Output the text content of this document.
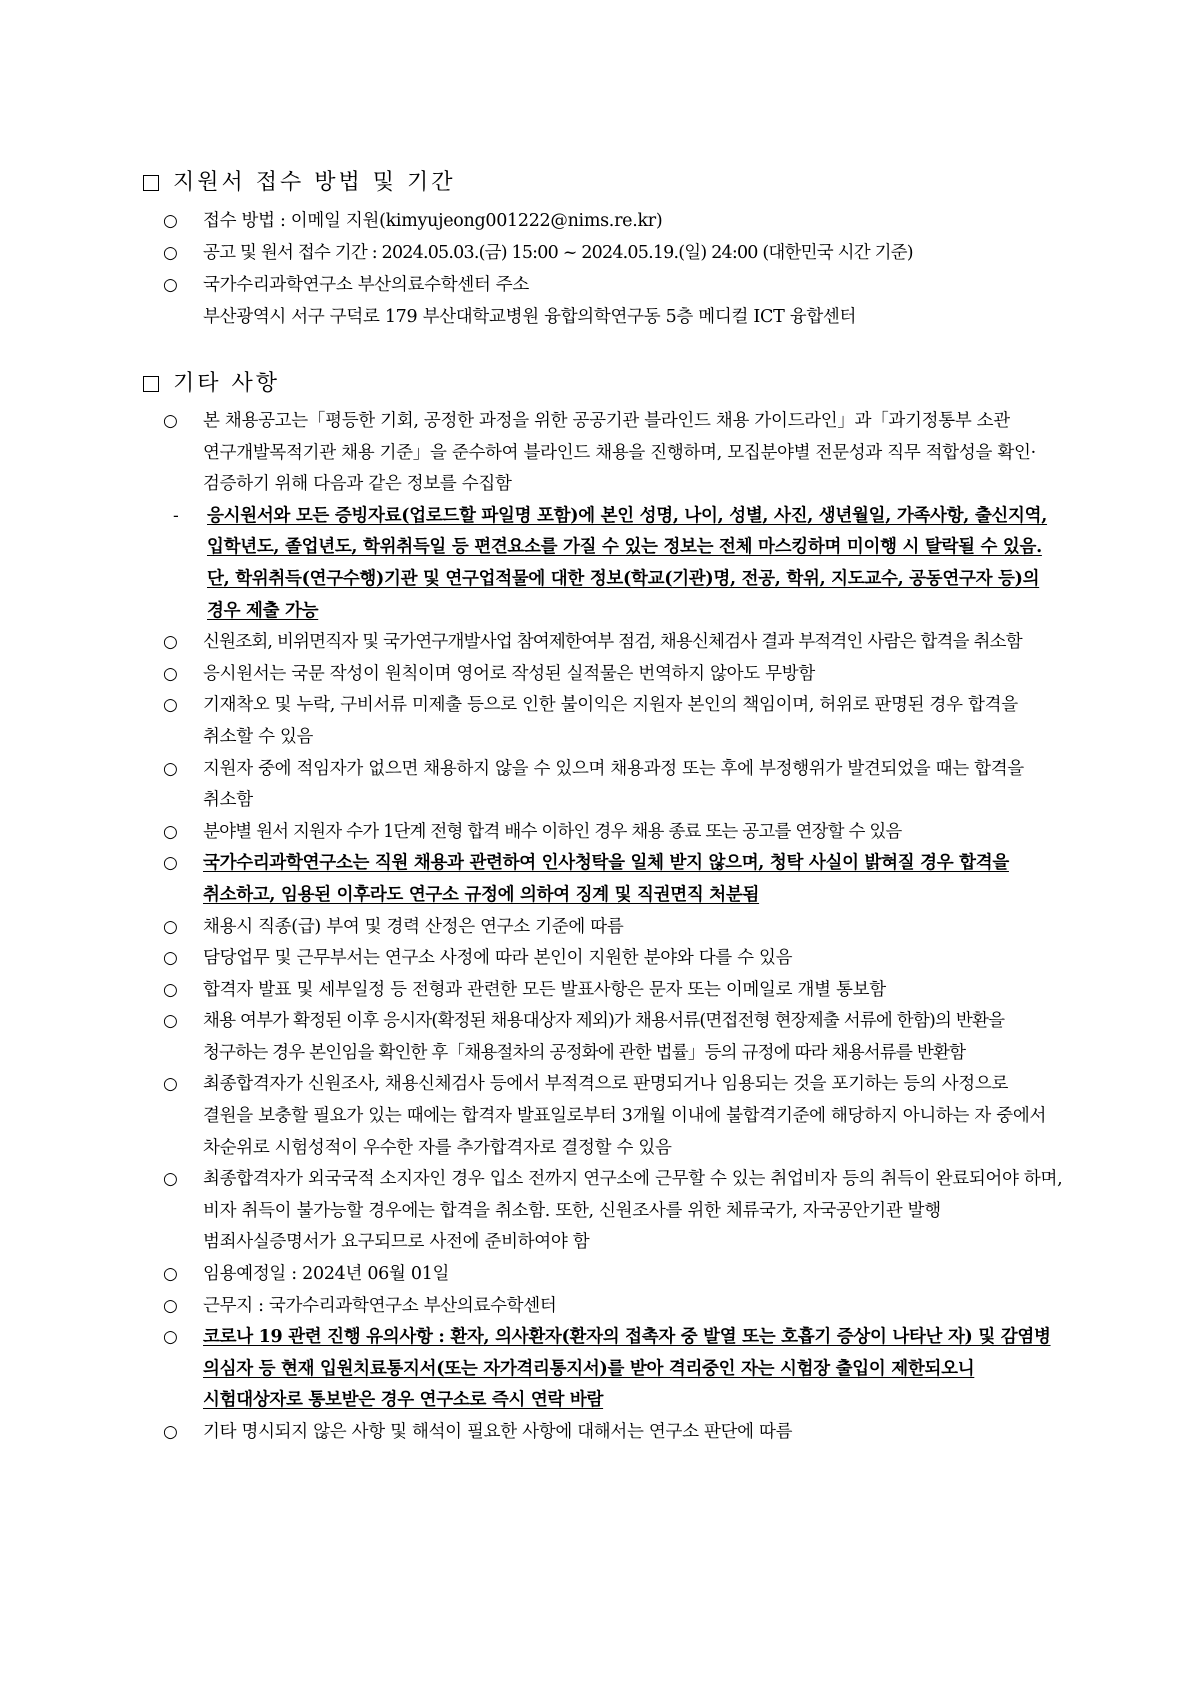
지원서 접수 방법 및 기간
○	접수 방법 : 이메일 지원(kimyujeong001222@nims.re.kr)
○	공고 및 원서 접수 기간 : 2024.05.03.(금) 15:00 ~ 2024.05.19.(일) 24:00 (대한민국 시간 기준)
○	국가수리과학연구소 부산의료수학센터 주소
부산광역시 서구 구덕로 179 부산대학교병원 융합의학연구동 5층 메디컬 ICT 융합센터
기타 사항
○	본 채용공고는「평등한 기회, 공정한 과정을 위한 공공기관 블라인드 채용 가이드라인」과「과기정통부 소관 연구개발목적기관 채용 기준」을 준수하여 블라인드 채용을 진행하며, 모집분야별 전문성과 직무 적합성을 확인·검증하기 위해 다음과 같은 정보를 수집함
-	응시원서와 모든 증빙자료(업로드할 파일명 포함)에 본인 성명, 나이, 성별, 사진, 생년월일, 가족사항, 출신지역, 입학년도, 졸업년도, 학위취득일 등 편견요소를 가질 수 있는 정보는 전체 마스킹하며 미이행 시 탈락될 수 있음. 단, 학위취득(연구수행)기관 및 연구업적물에 대한 정보(학교(기관)명, 전공, 학위, 지도교수, 공동연구자 등)의 경우 제출 가능
○	신원조회, 비위면직자 및 국가연구개발사업 참여제한여부 점검, 채용신체검사 결과 부적격인 사람은 합격을 취소함
○	응시원서는 국문 작성이 원칙이며 영어로 작성된 실적물은 번역하지 않아도 무방함
○	기재착오 및 누락, 구비서류 미제출 등으로 인한 불이익은 지원자 본인의 책임이며, 허위로 판명된 경우 합격을 취소할 수 있음
○	지원자 중에 적임자가 없으면 채용하지 않을 수 있으며 채용과정 또는 후에 부정행위가 발견되었을 때는 합격을 취소함
○	분야별 원서 지원자 수가 1단계 전형 합격 배수 이하인 경우 채용 종료 또는 공고를 연장할 수 있음
○	국가수리과학연구소는 직원 채용과 관련하여 인사청탁을 일체 받지 않으며, 청탁 사실이 밝혀질 경우 합격을 취소하고, 임용된 이후라도 연구소 규정에 의하여 징계 및 직권면직 처분됨
○	채용시 직종(급) 부여 및 경력 산정은 연구소 기준에 따름
○	담당업무 및 근무부서는 연구소 사정에 따라 본인이 지원한 분야와 다를 수 있음
○	합격자 발표 및 세부일정 등 전형과 관련한 모든 발표사항은 문자 또는 이메일로 개별 통보함
○	채용 여부가 확정된 이후 응시자(확정된 채용대상자 제외)가 채용서류(면접전형 현장제출 서류에 한함)의 반환을 청구하는 경우 본인임을 확인한 후「채용절차의 공정화에 관한 법률」등의 규정에 따라 채용서류를 반환함
○	최종합격자가 신원조사, 채용신체검사 등에서 부적격으로 판명되거나 임용되는 것을 포기하는 등의 사정으로 결원을 보충할 필요가 있는 때에는 합격자 발표일로부터 3개월 이내에 불합격기준에 해당하지 아니하는 자 중에서 차순위로 시험성적이 우수한 자를 추가합격자로 결정할 수 있음
○	최종합격자가 외국국적 소지자인 경우 입소 전까지 연구소에 근무할 수 있는 취업비자 등의 취득이 완료되어야 하며, 비자 취득이 불가능할 경우에는 합격을 취소함. 또한, 신원조사를 위한 체류국가, 자국공안기관 발행 범죄사실증명서가 요구되므로 사전에 준비하여야 함
○	임용예정일 : 2024년 06월 01일
○	근무지 : 국가수리과학연구소 부산의료수학센터
○	코로나 19 관련 진행 유의사항 : 환자, 의사환자(환자의 접촉자 중 발열 또는 호흡기 증상이 나타난 자) 및 감염병 의심자 등 현재 입원치료통지서(또는 자가격리통지서)를 받아 격리중인 자는 시험장 출입이 제한되오니 시험대상자로 통보받은 경우 연구소로 즉시 연락 바람
○	기타 명시되지 않은 사항 및 해석이 필요한 사항에 대해서는 연구소 판단에 따름
